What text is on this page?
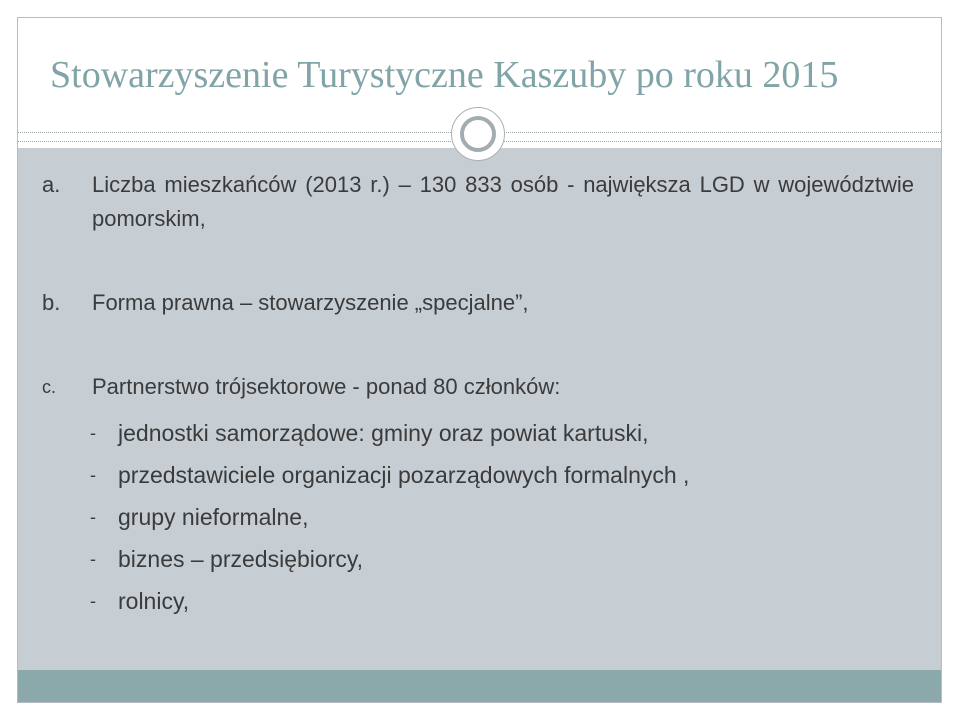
Stowarzyszenie Turystyczne Kaszuby po roku 2015
a. Liczba mieszkańców (2013 r.) – 130 833 osób - największa LGD w województwie pomorskim,
b. Forma prawna – stowarzyszenie „specjalne”,
c. Partnerstwo trójsektorowe - ponad 80 członków:
- jednostki samorządowe: gminy oraz powiat kartuski,
- przedstawiciele organizacji pozarządowych formalnych ,
- grupy nieformalne,
- biznes – przedsiębiorcy,
- rolnicy,
